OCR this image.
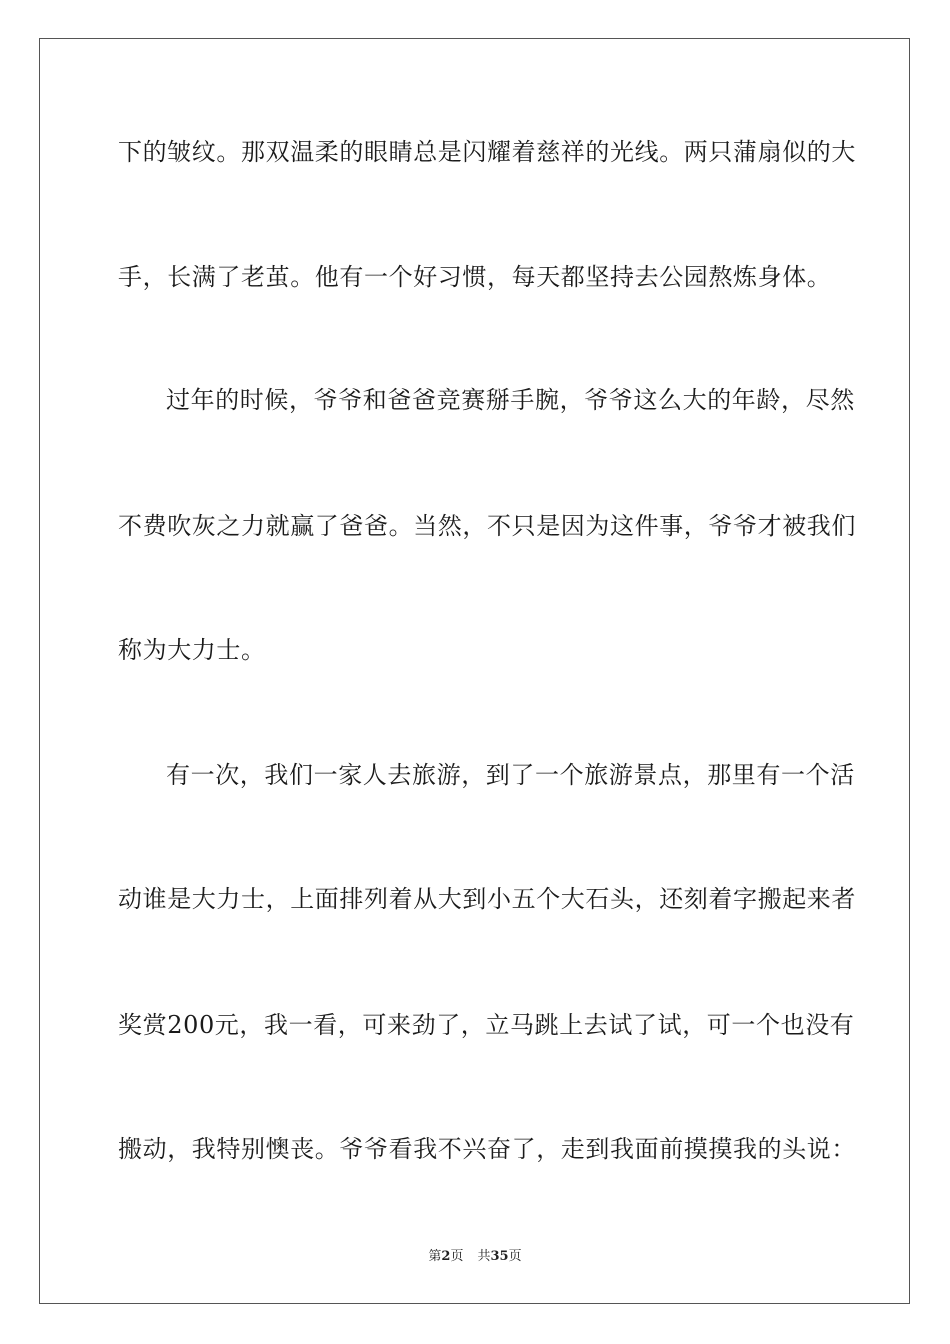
下的皱纹。那双温柔的眼睛总是闪耀着慈祥的光线。两只蒲扇似的大
手，长满了老茧。他有一个好习惯，每天都坚持去公园熬炼身体。
过年的时候，爷爷和爸爸竞赛掰手腕，爷爷这么大的年龄，尽然
不费吹灰之力就赢了爸爸。当然，不只是因为这件事，爷爷才被我们
称为大力士。
有一次，我们一家人去旅游，到了一个旅游景点，那里有一个活
动谁是大力士，上面排列着从大到小五个大石头，还刻着字搬起来者
奖赏200元，我一看，可来劲了，立马跳上去试了试，可一个也没有
搬动，我特别懊丧。爷爷看我不兴奋了，走到我面前摸摸我的头说：
第2页 共35页
